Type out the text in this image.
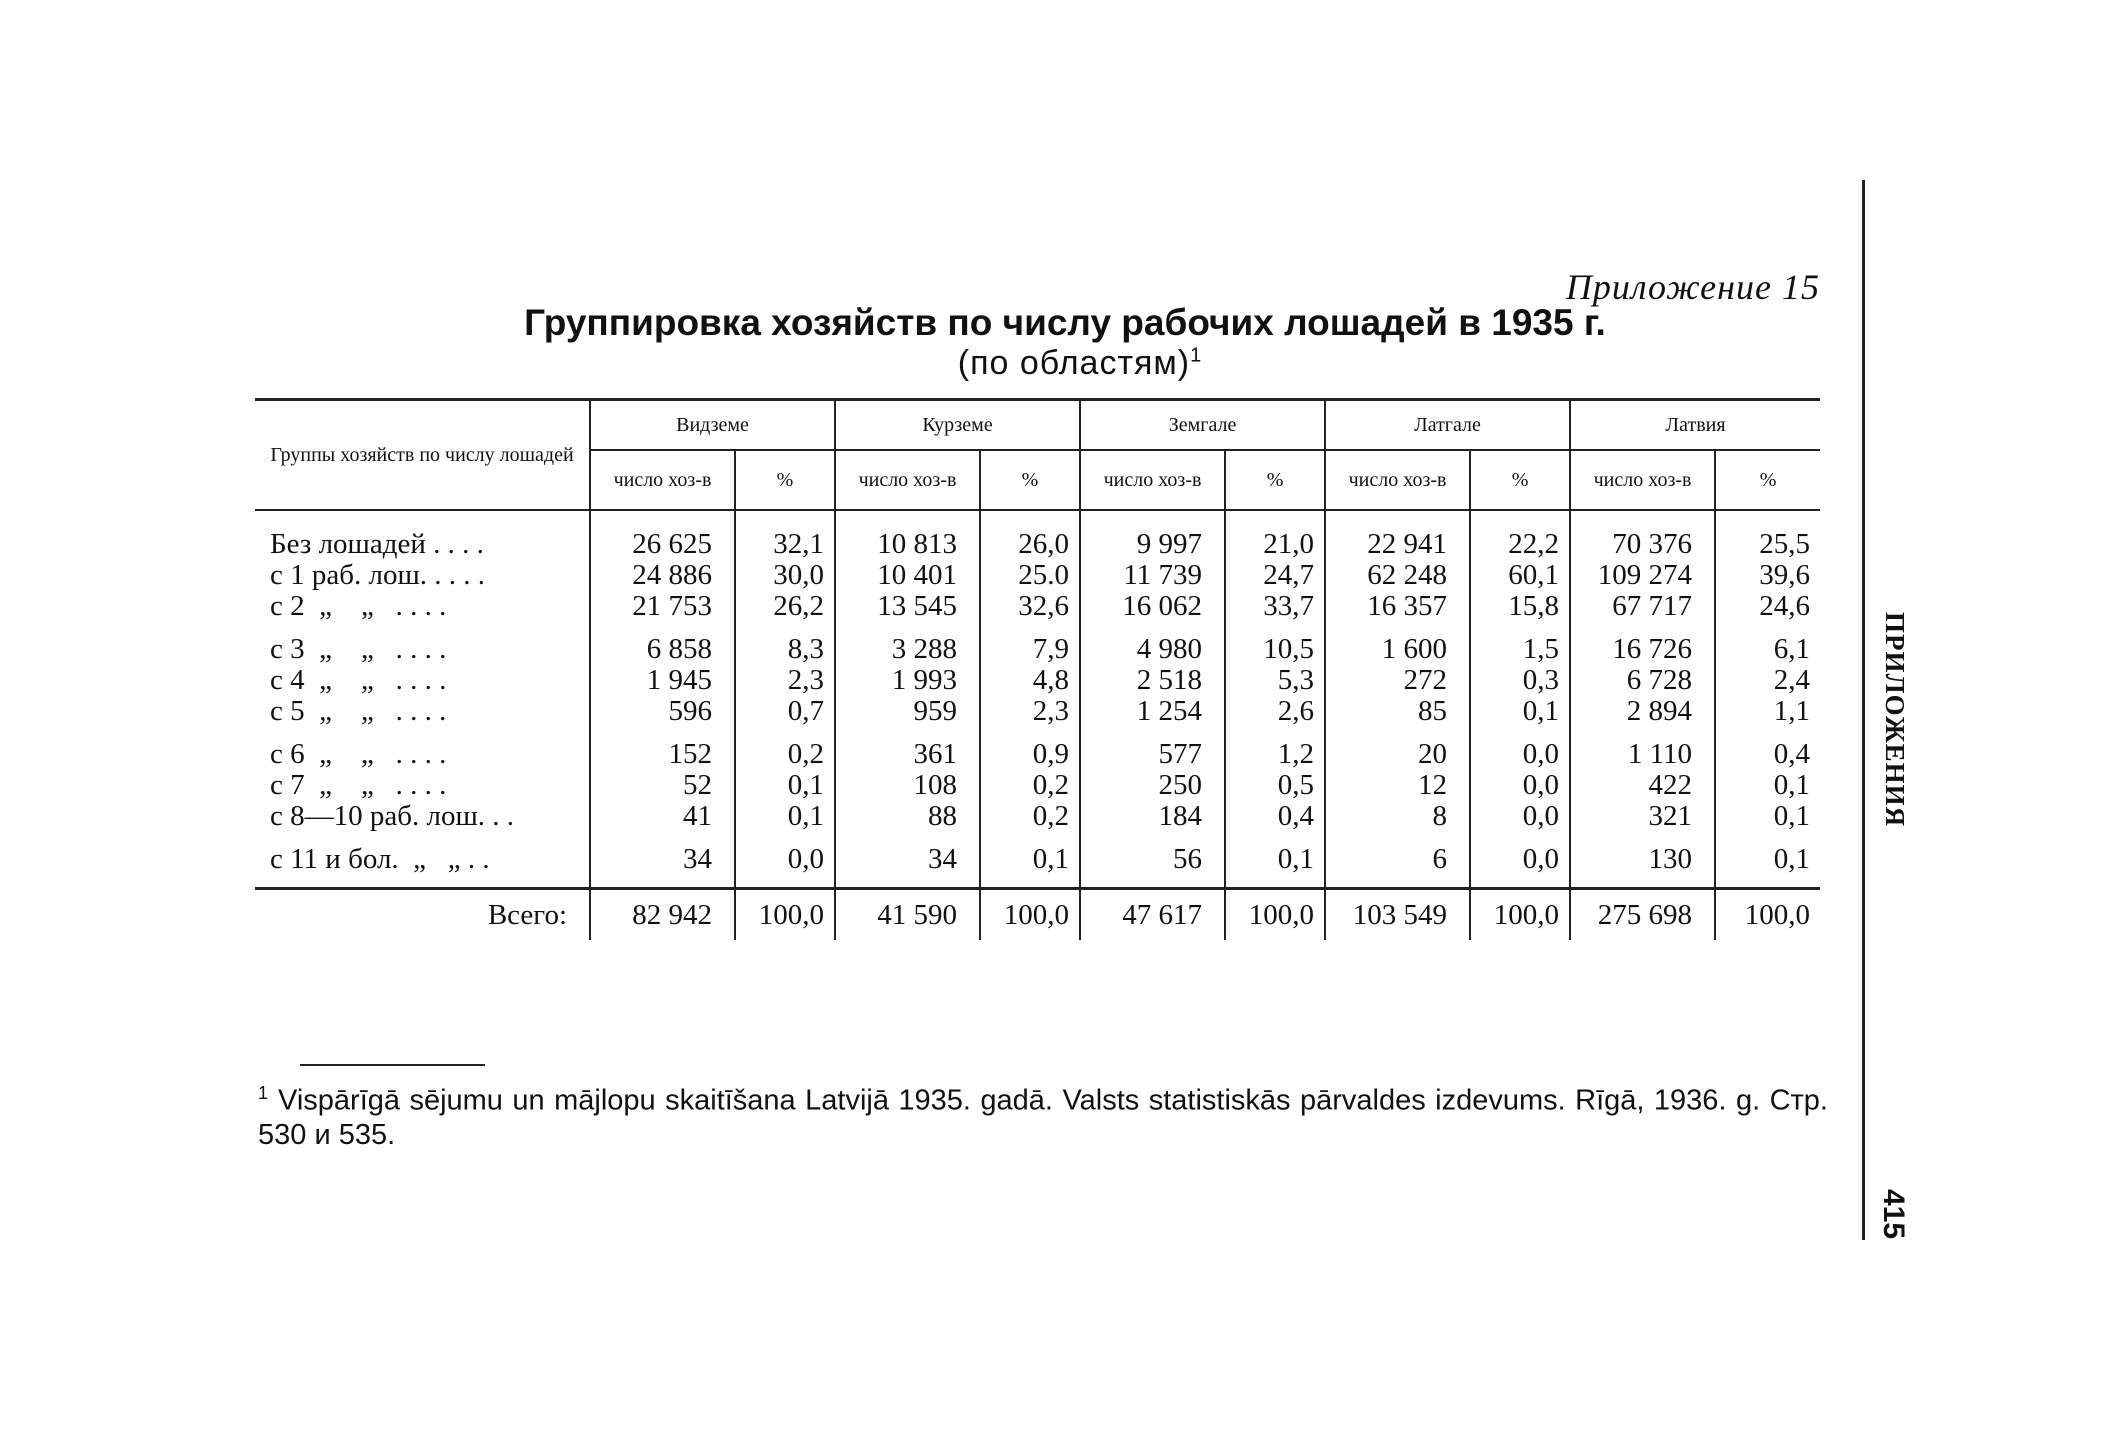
Приложение 15
Группировка хозяйств по числу рабочих лошадей в 1935 г.
(по областям)$^1$
Группы хозяйств по числу лошадей	Видземе		Курземе		Земгале		Латгале		Латвия	
	число хоз-в	%	число хоз-в	%	число хоз-в	%	число хоз-в	%	число хоз-в	%
Без лошадей . . . .	26 625	32,1	10 813	26,0	9 997	21,0	22 941	22,2	70 376	25,5
с 1 раб. лош. . . . .	24 886	30,0	10 401	25.0	11 739	24,7	62 248	60,1	109 274	39,6
с 2  „    „   . . . .	21 753	26,2	13 545	32,6	16 062	33,7	16 357	15,8	67 717	24,6
с 3  „    „   . . . .	6 858	8,3	3 288	7,9	4 980	10,5	1 600	1,5	16 726	6,1
с 4  „    „   . . . .	1 945	2,3	1 993	4,8	2 518	5,3	272	0,3	6 728	2,4
с 5  „    „   . . . .	596	0,7	959	2,3	1 254	2,6	85	0,1	2 894	1,1
с 6  „    „   . . . .	152	0,2	361	0,9	577	1,2	20	0,0	1 110	0,4
с 7  „    „   . . . .	52	0,1	108	0,2	250	0,5	12	0,0	422	0,1
с 8—10 раб. лош. . .	41	0,1	88	0,2	184	0,4	8	0,0	321	0,1
с 11 и бол.  „   „ . .	34	0,0	34	0,1	56	0,1	6	0,0	130	0,1
Всего:	82 942	100,0	41 590	100,0	47 617	100,0	103 549	100,0	275 698	100,0
$^1$ Vispārīgā sējumu un mājlopu skaitīšana Latvijā 1935. gadā. Valsts statistiskās pārvaldes izdevums. Rīgā, 1936. g. Стр. 530 и 535.
ПРИЛОЖЕНИЯ
415
